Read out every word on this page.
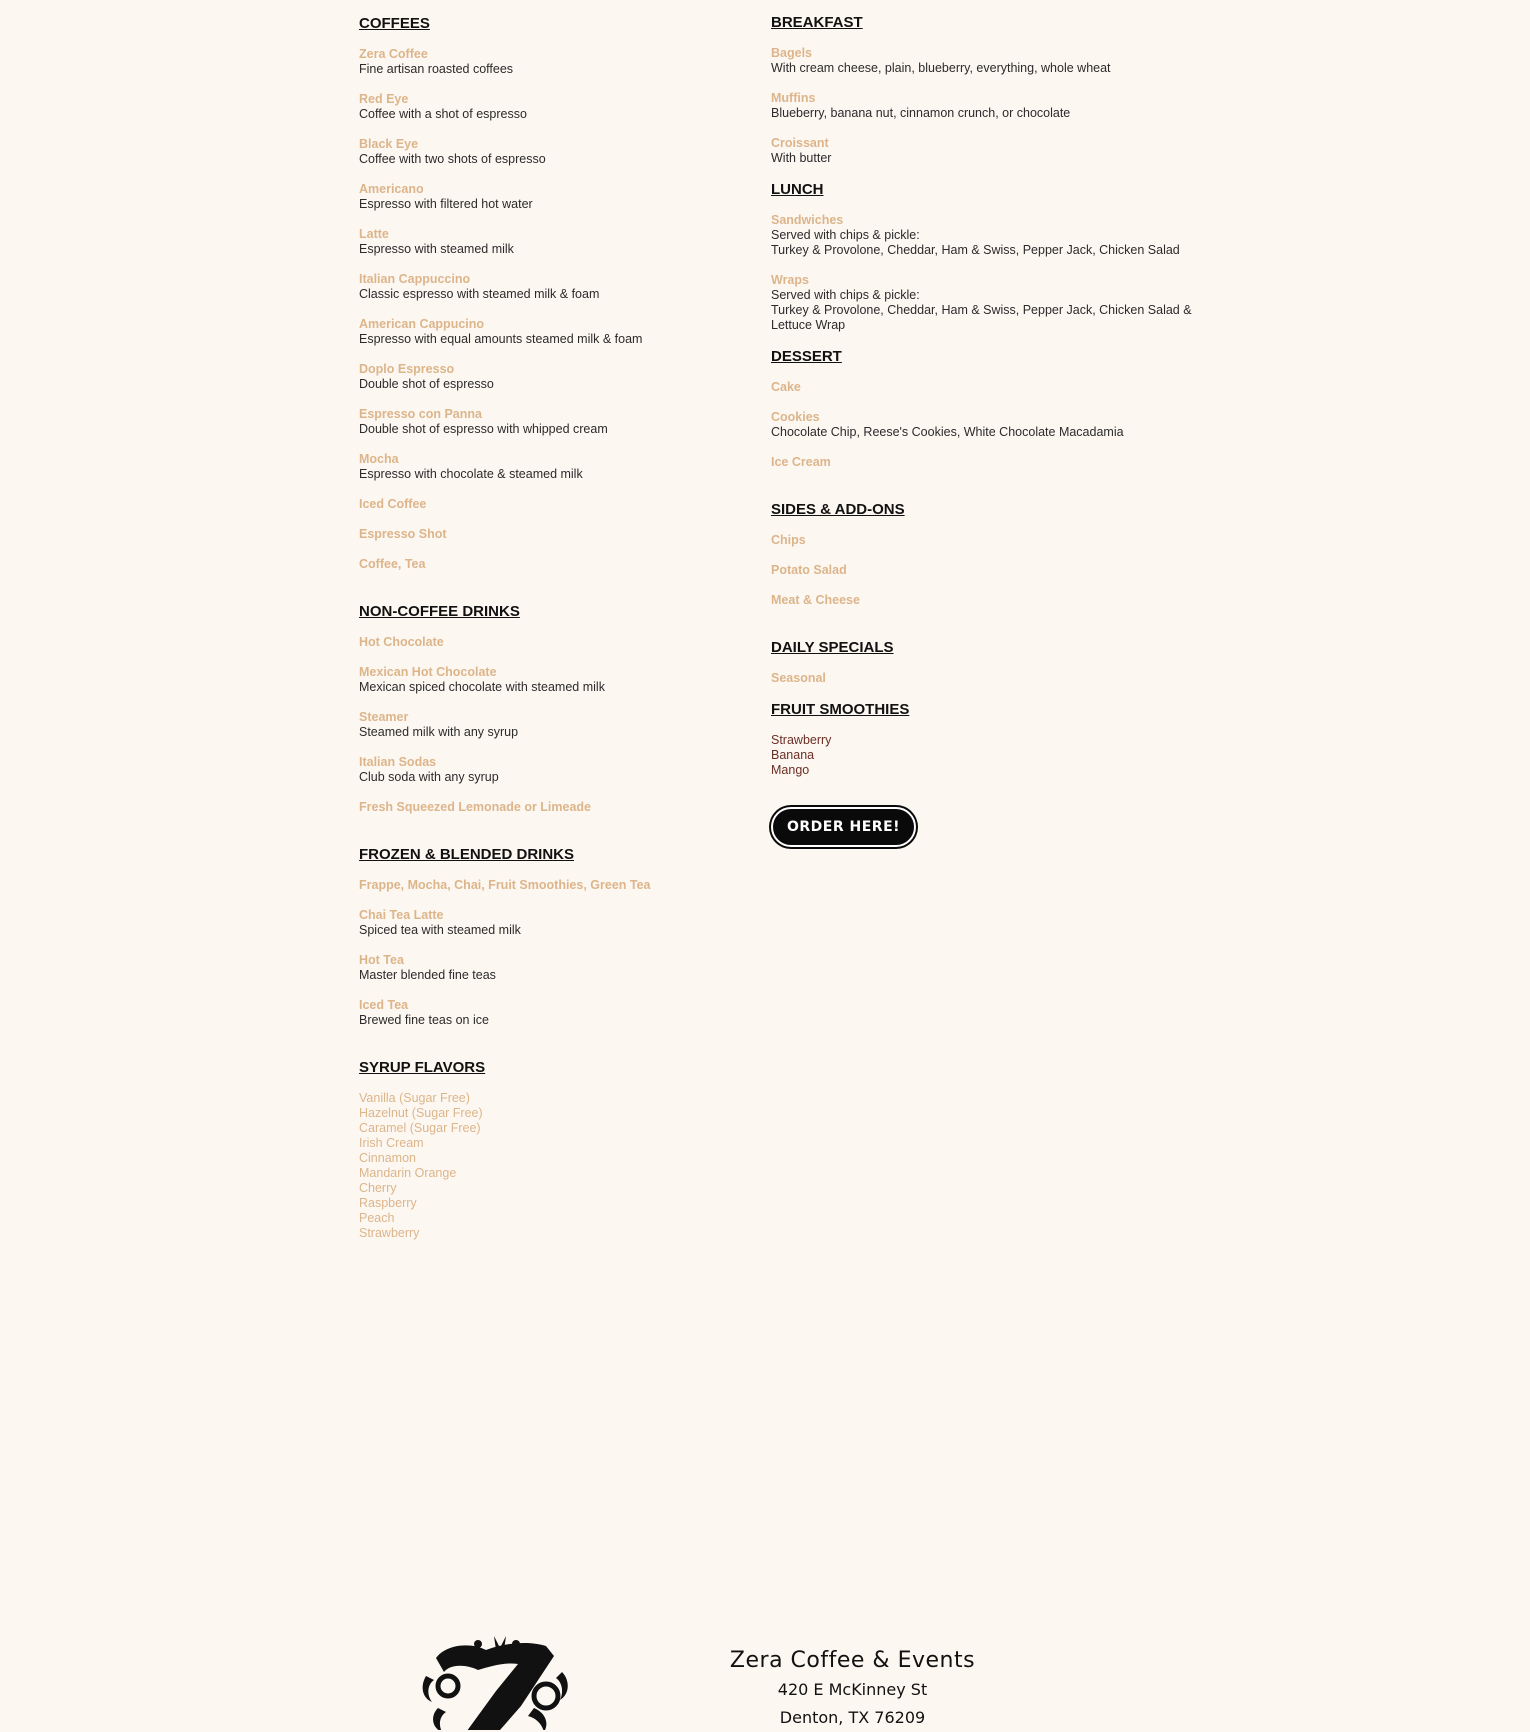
COFFEES
Zera Coffee
Fine artisan roasted coffees
Red Eye
Coffee with a shot of espresso
Black Eye
Coffee with two shots of espresso
Americano
Espresso with filtered hot water
Latte
Espresso with steamed milk
Italian Cappuccino
Classic espresso with steamed milk & foam
American Cappucino
Espresso with equal amounts steamed milk & foam
Doplo Espresso
Double shot of espresso
Espresso con Panna
Double shot of espresso with whipped cream
Mocha
Espresso with chocolate & steamed milk
Iced Coffee
Espresso Shot
Coffee, Tea
NON-COFFEE DRINKS
Hot Chocolate
Mexican Hot Chocolate
Mexican spiced chocolate with steamed milk
Steamer
Steamed milk with any syrup
Italian Sodas
Club soda with any syrup
Fresh Squeezed Lemonade or Limeade
FROZEN & BLENDED DRINKS
Frappe, Mocha, Chai, Fruit Smoothies, Green Tea
Chai Tea Latte
Spiced tea with steamed milk
Hot Tea
Master blended fine teas
Iced Tea
Brewed fine teas on ice
SYRUP FLAVORS
Vanilla (Sugar Free)
Hazelnut (Sugar Free)
Caramel (Sugar Free)
Irish Cream
Cinnamon
Mandarin Orange
Cherry
Raspberry
Peach
Strawberry
BREAKFAST
Bagels
With cream cheese, plain, blueberry, everything, whole wheat
Muffins
Blueberry, banana nut, cinnamon crunch, or chocolate
Croissant
With butter
LUNCH
Sandwiches
Served with chips & pickle:
Turkey & Provolone, Cheddar, Ham & Swiss, Pepper Jack, Chicken Salad
Wraps
Served with chips & pickle:
Turkey & Provolone, Cheddar, Ham & Swiss, Pepper Jack, Chicken Salad & Lettuce Wrap
DESSERT
Cake
Cookies
Chocolate Chip, Reese's Cookies, White Chocolate Macadamia
Ice Cream
SIDES & ADD-ONS
Chips
Potato Salad
Meat & Cheese
DAILY SPECIALS
Seasonal
FRUIT SMOOTHIES
Strawberry
Banana
Mango
ORDER HERE!
Zera Coffee & Events
420 E McKinney St
Denton, TX 76209
